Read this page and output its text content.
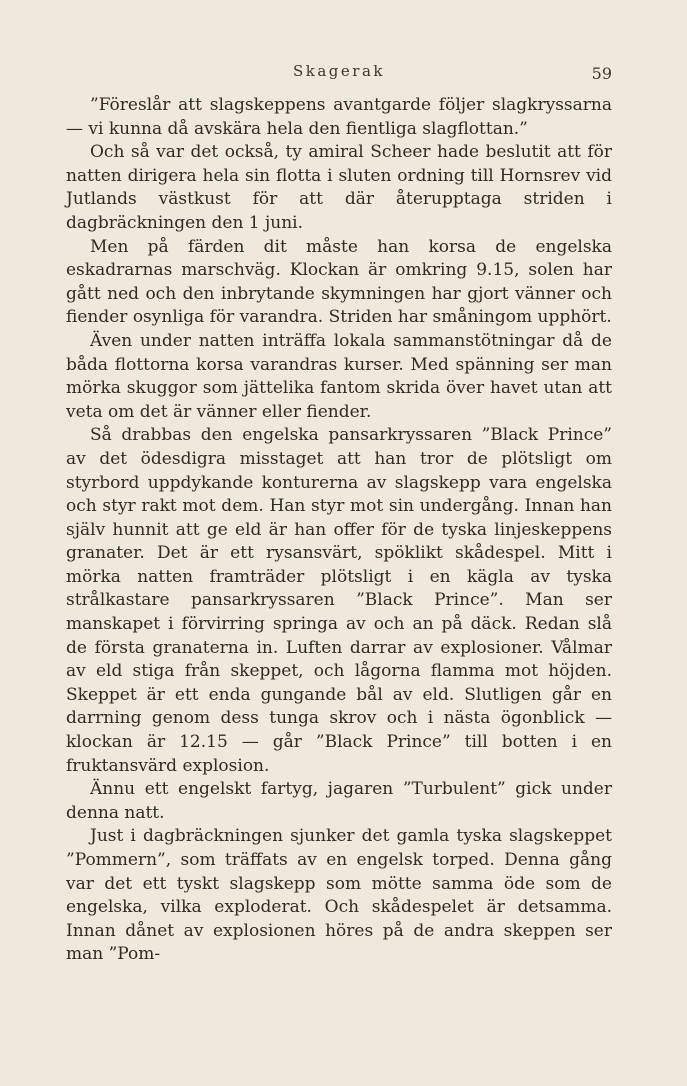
Skagerak	59

”Föreslår att slagskeppens avantgarde följer slagkryssarna — vi kunna då avskära hela den fientliga slagflottan.”

Och så var det också, ty amiral Scheer hade beslutit att för natten dirigera hela sin flotta i sluten ordning till Hornsrev vid Jutlands västkust för att där återupptaga striden i dagbräckningen den 1 juni.

Men på färden dit måste han korsa de engelska eskadrarnas marschväg. Klockan är omkring 9.15, solen har gått ned och den inbrytande skymningen har gjort vänner och fiender osynliga för varandra. Striden har småningom upphört.

Även under natten inträffa lokala sammanstötningar då de båda flottorna korsa varandras kurser. Med spänning ser man mörka skuggor som jättelika fantom skrida över havet utan att veta om det är vänner eller fiender.

Så drabbas den engelska pansarkryssaren ”Black Prince” av det ödesdigra misstaget att han tror de plötsligt om styrbord uppdykande konturerna av slagskepp vara engelska och styr rakt mot dem. Han styr mot sin undergång. Innan han själv hunnit att ge eld är han offer för de tyska linjeskeppens granater. Det är ett rysansvärt, spöklikt skådespel. Mitt i mörka natten framträder plötsligt i en kägla av tyska strålkastare pansarkryssaren ”Black Prince”. Man ser manskapet i förvirring springa av och an på däck. Redan slå de första granaterna in. Luften darrar av explosioner. Vålmar av eld stiga från skeppet, och lågorna flamma mot höjden. Skeppet är ett enda gungande bål av eld. Slutligen går en darrning genom dess tunga skrov och i nästa ögonblick — klockan är 12.15 — går ”Black Prince” till botten i en fruktansvärd explosion.

Ännu ett engelskt fartyg, jagaren ”Turbulent” gick under denna natt.

Just i dagbräckningen sjunker det gamla tyska slagskeppet ”Pommern”, som träffats av en engelsk torped. Denna gång var det ett tyskt slagskepp som mötte samma öde som de engelska, vilka exploderat. Och skådespelet är detsamma. Innan dånet av explosionen höres på de andra skeppen ser man ”Pom-
